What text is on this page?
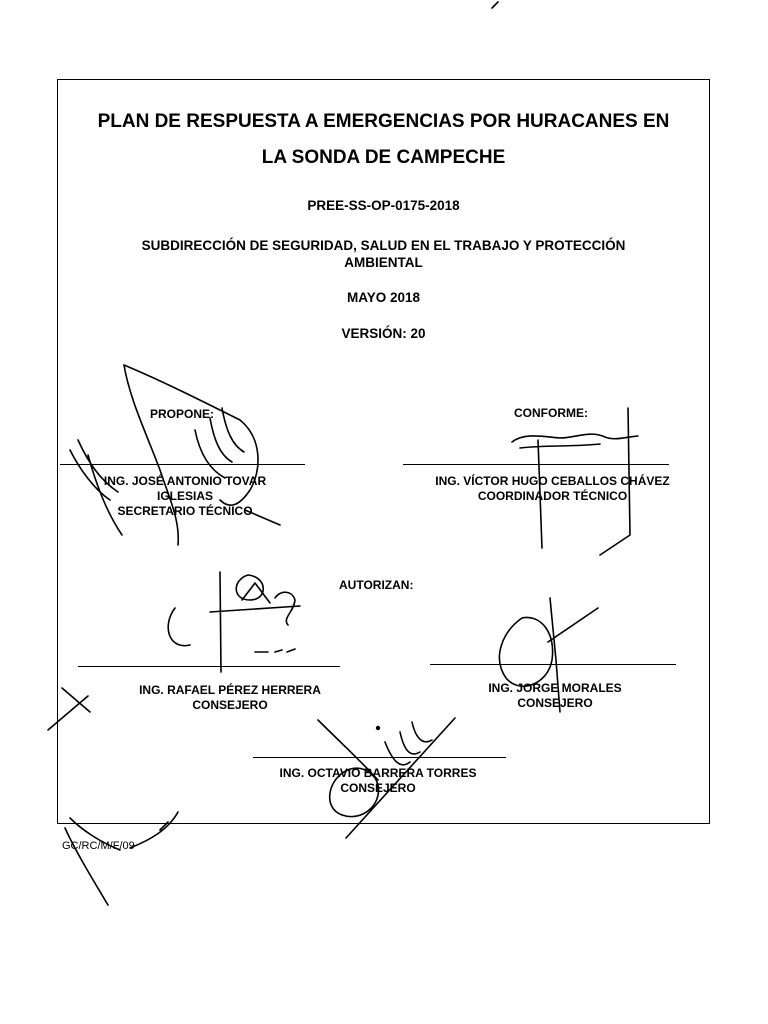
PLAN DE RESPUESTA A EMERGENCIAS POR HURACANES EN
LA SONDA DE CAMPECHE
PREE-SS-OP-0175-2018
SUBDIRECCIÓN DE SEGURIDAD, SALUD EN EL TRABAJO Y PROTECCIÓN
AMBIENTAL
MAYO 2018
VERSIÓN: 20
PROPONE:	CONFORME:
ING. JOSÉ ANTONIO TOVAR
IGLESIAS
SECRETARIO TÉCNICO
ING. VÍCTOR HUGO CEBALLOS CHÁVEZ
COORDINADOR TÉCNICO
AUTORIZAN:
ING. RAFAEL PÉREZ HERRERA
CONSEJERO
ING. JORGE MORALES
CONSEJERO
ING. OCTAVIO BARRERA TORRES
CONSEJERO
GC/RC/M/F/09
